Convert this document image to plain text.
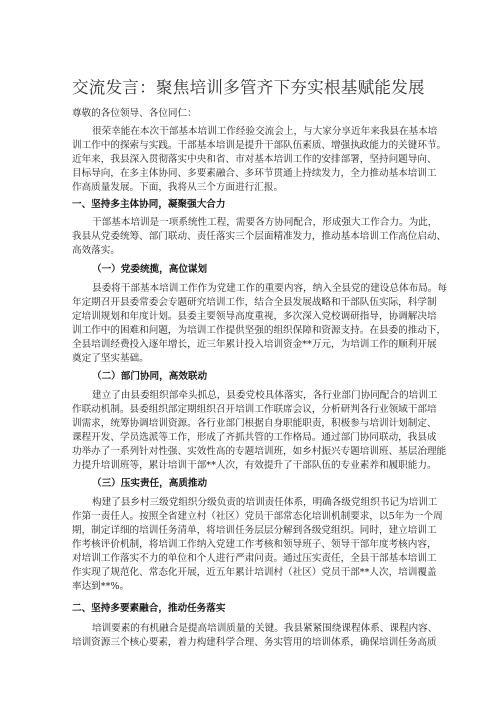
交流发言：聚焦培训多管齐下夯实根基赋能发展
尊敬的各位领导、各位同仁：
很荣幸能在本次干部基本培训工作经验交流会上，与大家分享近年来我县在基本培
训工作中的探索与实践。干部基本培训是提升干部队伍素质、增强执政能力的关键环节。
近年来，我县深入贯彻落实中央和省、市对基本培训工作的安排部署，坚持问题导向、
目标导向，在多主体协同、多要素融合、多环节贯通上持续发力，全力推动基本培训工
作高质量发展。下面，我将从三个方面进行汇报。
一、坚持多主体协同，凝聚强大合力
干部基本培训是一项系统性工程，需要各方协同配合，形成强大工作合力。为此，
我县从党委统筹、部门联动、责任落实三个层面精准发力，推动基本培训工作高位启动、
高效落实。
（一）党委统揽，高位谋划
县委将干部基本培训工作作为党建工作的重要内容，纳入全县党的建设总体布局。每
年定期召开县委常委会专题研究培训工作，结合全县发展战略和干部队伍实际，科学制
定培训规划和年度计划。县委主要领导高度重视，多次深入党校调研指导，协调解决培
训工作中的困难和问题，为培训工作提供坚强的组织保障和资源支持。在县委的推动下，
全县培训经费投入逐年增长，近三年累计投入培训资金**万元，为培训工作的顺利开展
奠定了坚实基础。
（二）部门协同，高效联动
建立了由县委组织部牵头抓总，县委党校具体落实，各行业部门协同配合的培训工
作联动机制。县委组织部定期组织召开培训工作联席会议，分析研判各行业领域干部培
训需求，统筹协调培训资源。各行业部门根据自身职能职责，积极参与培训计划制定、
课程开发、学员选派等工作，形成了齐抓共管的工作格局。通过部门协同联动，我县成
功举办了一系列针对性强、实效性高的专题培训班，如乡村振兴专题培训班、基层治理能
力提升培训班等，累计培训干部**人次，有效提升了干部队伍的专业素养和履职能力。
（三）压实责任，高质推动
构建了县乡村三级党组织分级负责的培训责任体系，明确各级党组织书记为培训工
作第一责任人。按照全省建立村（社区）党员干部常态化培训机制要求，以5年为一个周
期，制定详细的培训任务清单，将培训任务层层分解到各级党组织。同时，建立培训工
作考核评价机制，将培训工作纳入党建工作考核和领导班子、领导干部年度考核内容，
对培训工作落实不力的单位和个人进行严肃问责。通过压实责任，全县干部基本培训工
作实现了规范化、常态化开展，近五年累计培训村（社区）党员干部**人次，培训覆盖
率达到**%。
二、坚持多要素融合，推动任务落实
培训要素的有机融合是提高培训质量的关键。我县紧紧围绕课程体系、课程内容、
培训资源三个核心要素，着力构建科学合理、务实管用的培训体系，确保培训任务高质
